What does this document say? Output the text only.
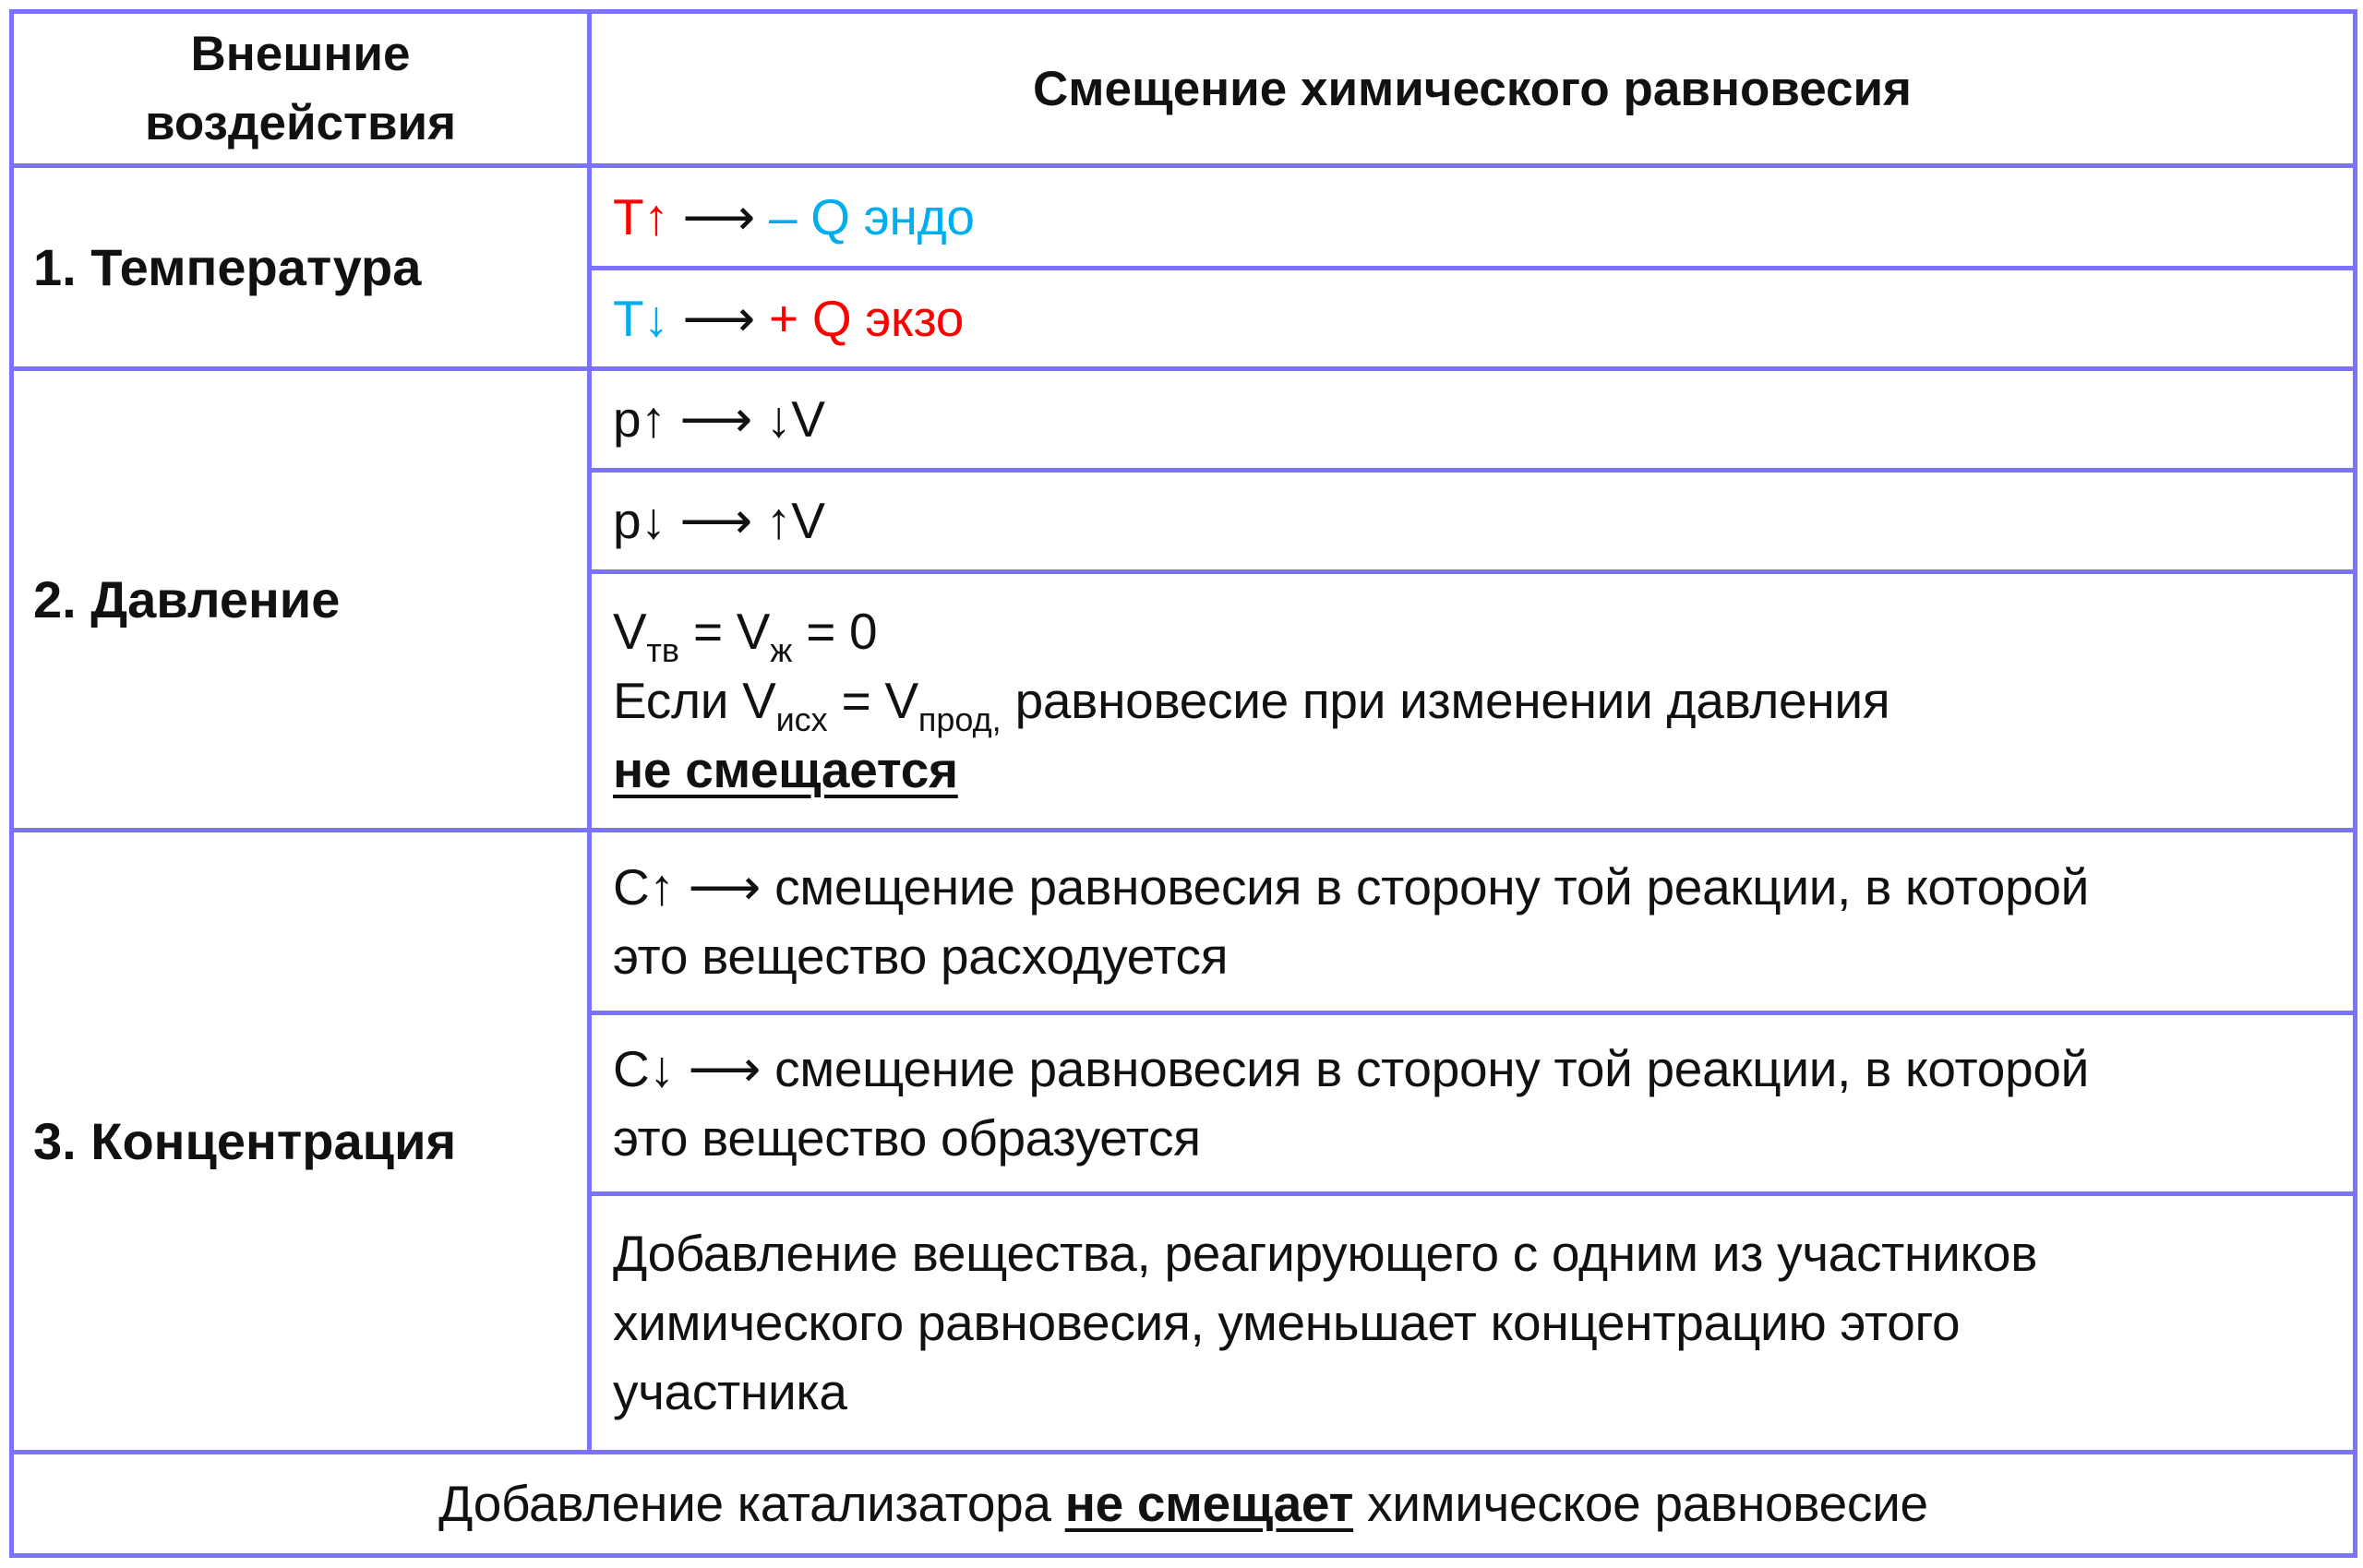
Внешние
воздействия
Смещение химического равновесия
1. Температура
T↑ ⟶ – Q эндо
T↓ ⟶ + Q экзо
2. Давление
p↑ ⟶ ↓V
p↓ ⟶ ↑V
$V_{тв} = V_ж = 0$
Если $V_{исх} = V_{прод,}$ равновесие при изменении давления
не смещается
3. Концентрация
C↑ ⟶ смещение равновесия в сторону той реакции, в которой
это вещество расходуется
C↓ ⟶ смещение равновесия в сторону той реакции, в которой
это вещество образуется
Добавление вещества, реагирующего с одним из участников
химического равновесия, уменьшает концентрацию этого
участника
Добавление катализатора не смещает химическое равновесие
